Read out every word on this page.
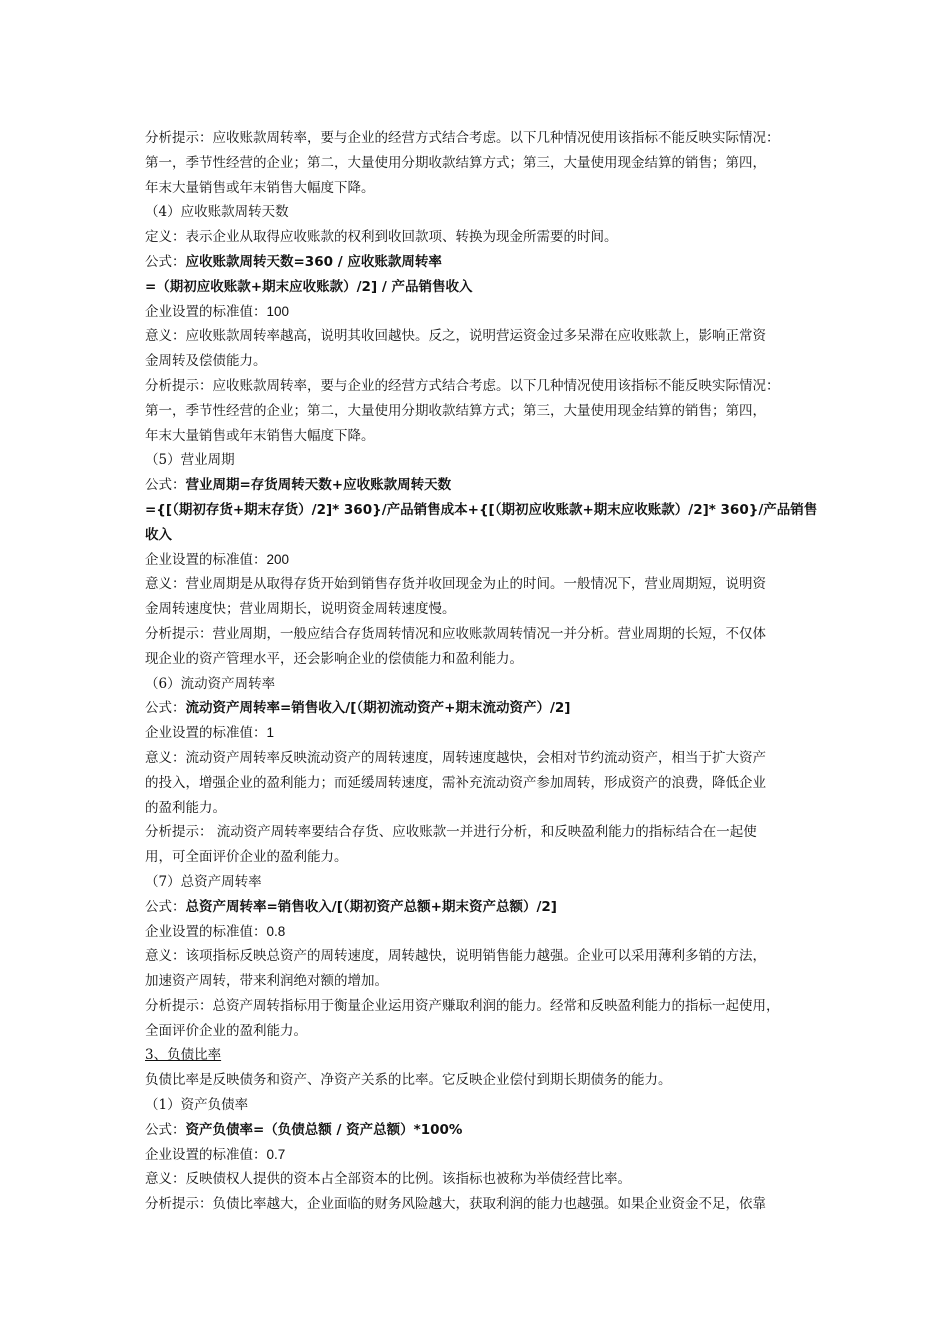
分析提示：应收账款周转率，要与企业的经营方式结合考虑。以下几种情况使用该指标不能反映实际情况：

第一，季节性经营的企业；第二，大量使用分期收款结算方式；第三，大量使用现金结算的销售；第四，

年末大量销售或年末销售大幅度下降。

（4）应收账款周转天数

定义：表示企业从取得应收账款的权利到收回款项、转换为现金所需要的时间。

公式：应收账款周转天数=360 / 应收账款周转率

=（期初应收账款+期末应收账款）/2] / 产品销售收入

企业设置的标准值：100

意义：应收账款周转率越高，说明其收回越快。反之，说明营运资金过多呆滞在应收账款上，影响正常资

金周转及偿债能力。

分析提示：应收账款周转率，要与企业的经营方式结合考虑。以下几种情况使用该指标不能反映实际情况：

第一，季节性经营的企业；第二，大量使用分期收款结算方式；第三，大量使用现金结算的销售；第四，

年末大量销售或年末销售大幅度下降。

（5）营业周期

公式：营业周期=存货周转天数+应收账款周转天数

={[（期初存货+期末存货）/2]* 360}/产品销售成本+{[（期初应收账款+期末应收账款）/2]* 360}/产品销售

收入

企业设置的标准值：200

意义：营业周期是从取得存货开始到销售存货并收回现金为止的时间。一般情况下，营业周期短，说明资

金周转速度快；营业周期长，说明资金周转速度慢。

分析提示：营业周期，一般应结合存货周转情况和应收账款周转情况一并分析。营业周期的长短，不仅体

现企业的资产管理水平，还会影响企业的偿债能力和盈利能力。

（6）流动资产周转率

公式：流动资产周转率=销售收入/[（期初流动资产+期末流动资产）/2]

企业设置的标准值：1

意义：流动资产周转率反映流动资产的周转速度，周转速度越快，会相对节约流动资产，相当于扩大资产

的投入，增强企业的盈利能力；而延缓周转速度，需补充流动资产参加周转，形成资产的浪费，降低企业

的盈利能力。

分析提示： 流动资产周转率要结合存货、应收账款一并进行分析，和反映盈利能力的指标结合在一起使

用，可全面评价企业的盈利能力。

（7）总资产周转率

公式：总资产周转率=销售收入/[（期初资产总额+期末资产总额）/2]

企业设置的标准值：0.8

意义：该项指标反映总资产的周转速度，周转越快，说明销售能力越强。企业可以采用薄利多销的方法，

加速资产周转，带来利润绝对额的增加。

分析提示：总资产周转指标用于衡量企业运用资产赚取利润的能力。经常和反映盈利能力的指标一起使用，

全面评价企业的盈利能力。

3、负债比率

负债比率是反映债务和资产、净资产关系的比率。它反映企业偿付到期长期债务的能力。

（1）资产负债率

公式：资产负债率=（负债总额 / 资产总额）*100%

企业设置的标准值：0.7

意义：反映债权人提供的资本占全部资本的比例。该指标也被称为举债经营比率。

分析提示：负债比率越大，企业面临的财务风险越大，获取利润的能力也越强。如果企业资金不足，依靠
